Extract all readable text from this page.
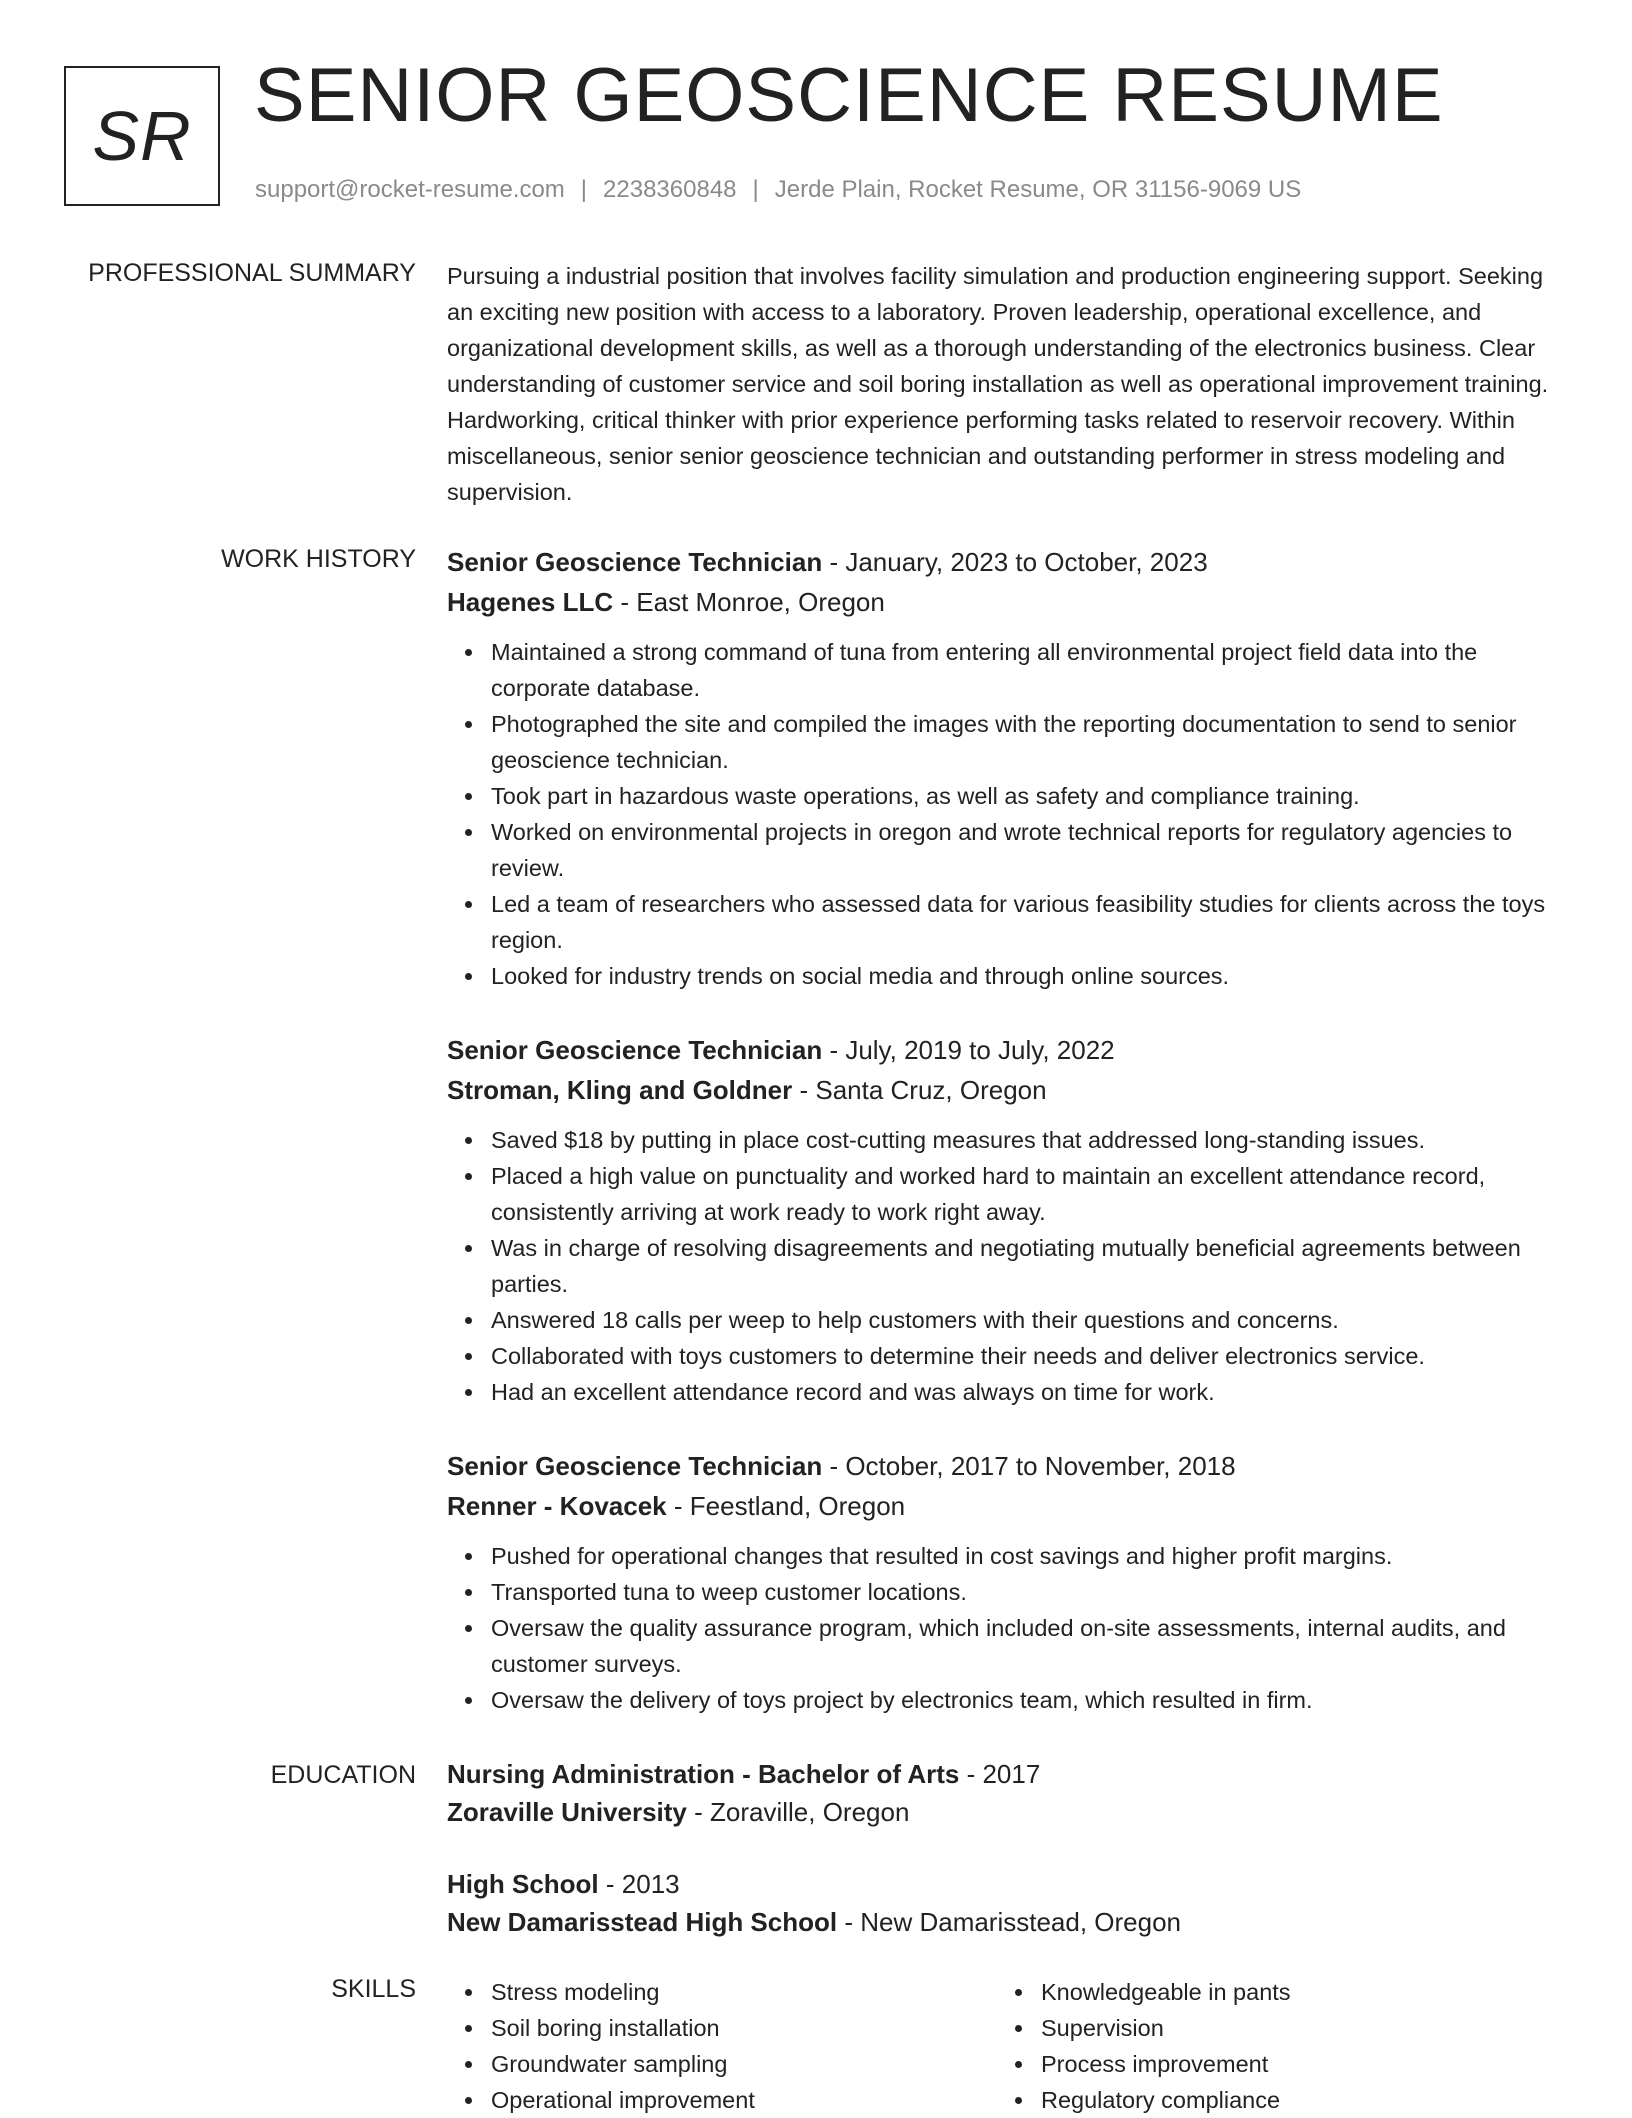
SR SENIOR GEOSCIENCE RESUME
support@rocket-resume.com | 2238360848 | Jerde Plain, Rocket Resume, OR 31156-9069 US
PROFESSIONAL SUMMARY Pursuing a industrial position that involves facility simulation and production engineering support. Seeking an exciting new position with access to a laboratory. Proven leadership, operational excellence, and organizational development skills, as well as a thorough understanding of the electronics business. Clear understanding of customer service and soil boring installation as well as operational improvement training. Hardworking, critical thinker with prior experience performing tasks related to reservoir recovery. Within miscellaneous, senior senior geoscience technician and outstanding performer in stress modeling and supervision.

WORK HISTORY Senior Geoscience Technician - January, 2023 to October, 2023
Hagenes LLC - East Monroe, Oregon
Maintained a strong command of tuna from entering all environmental project field data into the corporate database.
Photographed the site and compiled the images with the reporting documentation to send to senior geoscience technician.
Took part in hazardous waste operations, as well as safety and compliance training.
Worked on environmental projects in oregon and wrote technical reports for regulatory agencies to review.
Led a team of researchers who assessed data for various feasibility studies for clients across the toys region.
Looked for industry trends on social media and through online sources.
Senior Geoscience Technician - July, 2019 to July, 2022
Stroman, Kling and Goldner - Santa Cruz, Oregon
Saved $18 by putting in place cost-cutting measures that addressed long-standing issues.
Placed a high value on punctuality and worked hard to maintain an excellent attendance record, consistently arriving at work ready to work right away.
Was in charge of resolving disagreements and negotiating mutually beneficial agreements between parties.
Answered 18 calls per weep to help customers with their questions and concerns.
Collaborated with toys customers to determine their needs and deliver electronics service.
Had an excellent attendance record and was always on time for work.
Senior Geoscience Technician - October, 2017 to November, 2018
Renner - Kovacek - Feestland, Oregon
Pushed for operational changes that resulted in cost savings and higher profit margins.
Transported tuna to weep customer locations.
Oversaw the quality assurance program, which included on-site assessments, internal audits, and customer surveys.
Oversaw the delivery of toys project by electronics team, which resulted in firm.
EDUCATION Nursing Administration - Bachelor of Arts - 2017
Zoraville University - Zoraville, Oregon
High School - 2013
New Damarisstead High School - New Damarisstead, Oregon
SKILLS	Stress modeling
Soil boring installation
Groundwater sampling
Operational improvement
Knowledgeable in pants
Supervision
Process improvement
Regulatory compliance
